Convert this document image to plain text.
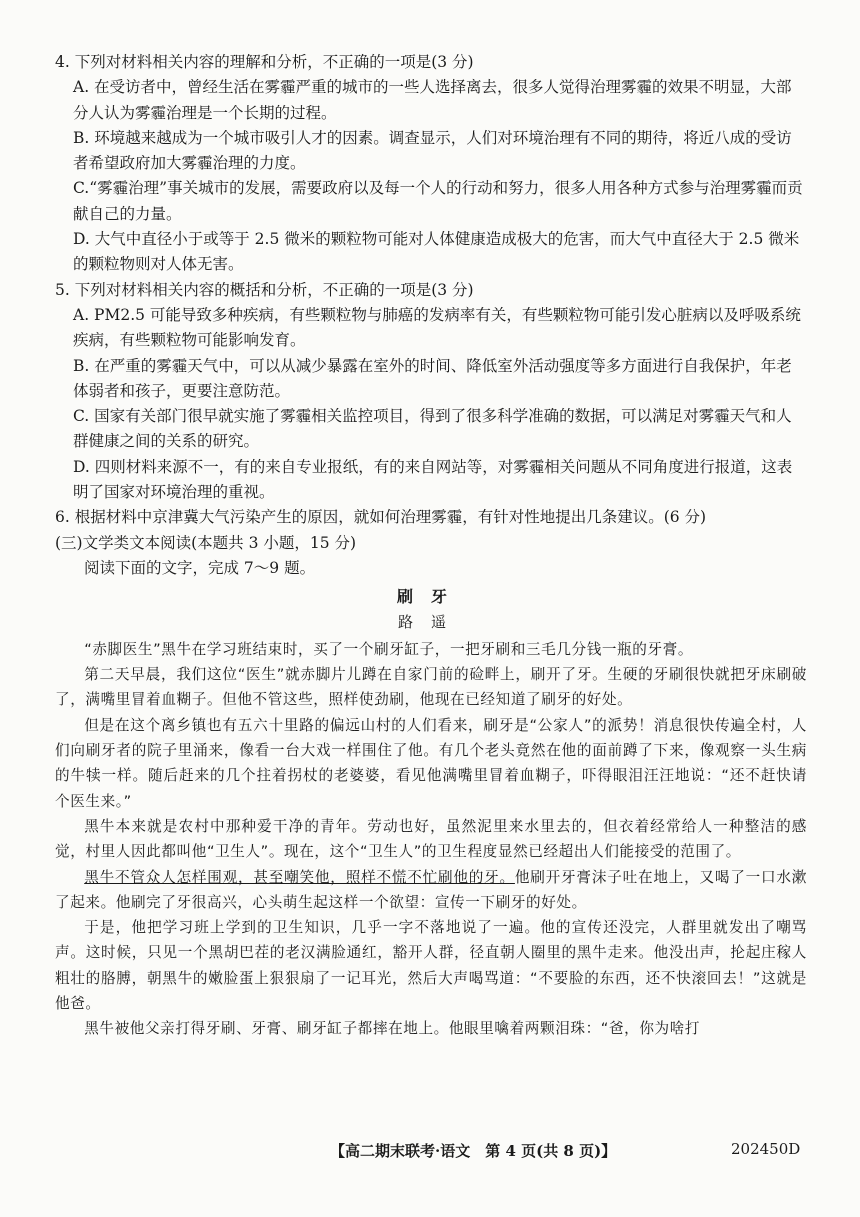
4. 下列对材料相关内容的理解和分析，不正确的一项是(3 分)

A. 在受访者中，曾经生活在雾霾严重的城市的一些人选择离去，很多人觉得治理雾霾的效果不明显，大部分人认为雾霾治理是一个长期的过程。

B. 环境越来越成为一个城市吸引人才的因素。调查显示，人们对环境治理有不同的期待，将近八成的受访者希望政府加大雾霾治理的力度。

C.“雾霾治理”事关城市的发展，需要政府以及每一个人的行动和努力，很多人用各种方式参与治理雾霾而贡献自己的力量。

D. 大气中直径小于或等于 2.5 微米的颗粒物可能对人体健康造成极大的危害，而大气中直径大于 2.5 微米的颗粒物则对人体无害。

5. 下列对材料相关内容的概括和分析，不正确的一项是(3 分)

A. PM2.5 可能导致多种疾病，有些颗粒物与肺癌的发病率有关，有些颗粒物可能引发心脏病以及呼吸系统疾病，有些颗粒物可能影响发育。

B. 在严重的雾霾天气中，可以从减少暴露在室外的时间、降低室外活动强度等多方面进行自我保护，年老体弱者和孩子，更要注意防范。

C. 国家有关部门很早就实施了雾霾相关监控项目，得到了很多科学准确的数据，可以满足对雾霾天气和人群健康之间的关系的研究。

D. 四则材料来源不一，有的来自专业报纸，有的来自网站等，对雾霾相关问题从不同角度进行报道，这表明了国家对环境治理的重视。

6. 根据材料中京津冀大气污染产生的原因，就如何治理雾霾，有针对性地提出几条建议。(6 分)

(三)文学类文本阅读(本题共 3 小题，15 分)

阅读下面的文字，完成 7～9 题。

刷牙

路遥

“赤脚医生”黑牛在学习班结束时，买了一个刷牙缸子，一把牙刷和三毛几分钱一瓶的牙膏。

第二天早晨，我们这位“医生”就赤脚片儿蹲在自家门前的硷畔上，刷开了牙。生硬的牙刷很快就把牙床刷破了，满嘴里冒着血糊子。但他不管这些，照样使劲刷，他现在已经知道了刷牙的好处。

但是在这个离乡镇也有五六十里路的偏远山村的人们看来，刷牙是“公家人”的派势！消息很快传遍全村，人们向刷牙者的院子里涌来，像看一台大戏一样围住了他。有几个老头竟然在他的面前蹲了下来，像观察一头生病的牛犊一样。随后赶来的几个拄着拐杖的老婆婆，看见他满嘴里冒着血糊子，吓得眼泪汪汪地说：“还不赶快请个医生来。”

黑牛本来就是农村中那种爱干净的青年。劳动也好，虽然泥里来水里去的，但衣着经常给人一种整洁的感觉，村里人因此都叫他“卫生人”。现在，这个“卫生人”的卫生程度显然已经超出人们能接受的范围了。

黑牛不管众人怎样围观，甚至嘲笑他，照样不慌不忙刷他的牙。他刷开牙膏沫子吐在地上，又喝了一口水漱了起来。他刷完了牙很高兴，心头萌生起这样一个欲望：宣传一下刷牙的好处。

于是，他把学习班上学到的卫生知识，几乎一字不落地说了一遍。他的宣传还没完，人群里就发出了嘲骂声。这时候，只见一个黑胡巴茬的老汉满脸通红，豁开人群，径直朝人圈里的黑牛走来。他没出声，抡起庄稼人粗壮的胳膊，朝黑牛的嫩脸蛋上狠狠扇了一记耳光，然后大声喝骂道：“不要脸的东西，还不快滚回去！”这就是他爸。

黑牛被他父亲打得牙刷、牙膏、刷牙缸子都摔在地上。他眼里噙着两颗泪珠：“爸，你为啥打

【高二期末联考·语文　第 4 页(共 8 页)】	202450D
